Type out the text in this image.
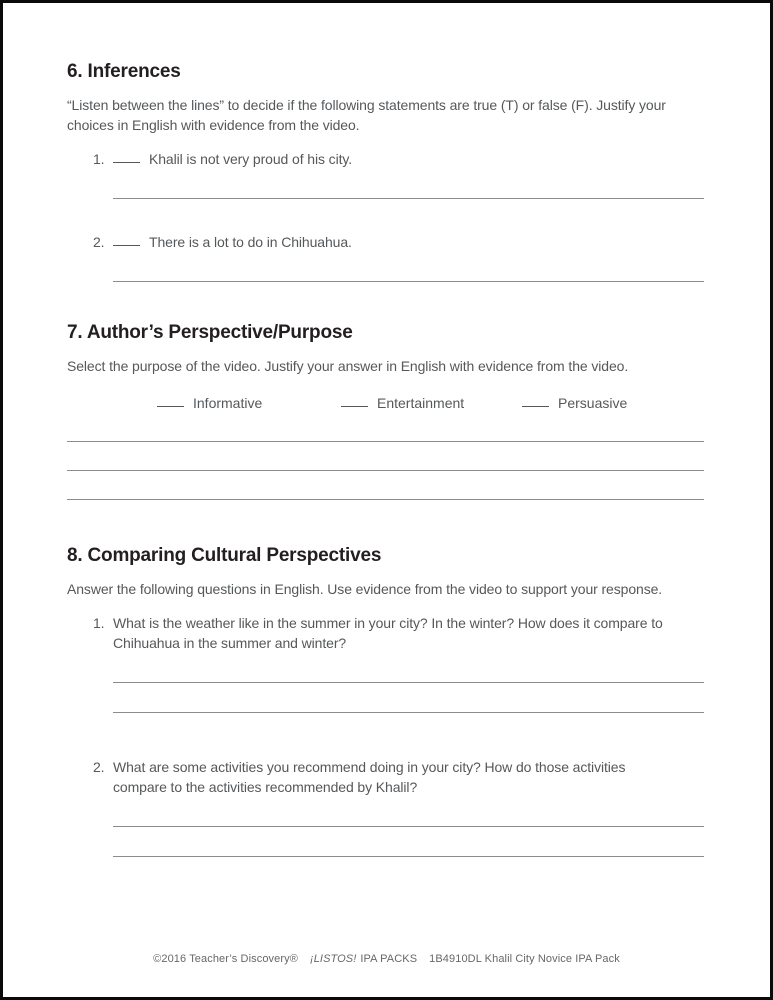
6. Inferences

“Listen between the lines” to decide if the following statements are true (T) or false (F). Justify your choices in English with evidence from the video.

1.	Khalil is not very proud of his city.
2.	There is a lot to do in Chihuahua.
7. Author’s Perspective/Purpose

Select the purpose of the video. Justify your answer in English with evidence from the video.

Informative	Entertainment	Persuasive
8. Comparing Cultural Perspectives

Answer the following questions in English. Use evidence from the video to support your response.

1. What is the weather like in the summer in your city? In the winter? How does it compare to Chihuahua in the summer and winter?
2. What are some activities you recommend doing in your city? How do those activities compare to the activities recommended by Khalil?
©2016 Teacher’s Discovery® ¡LISTOS! IPA PACKS 1B4910DL Khalil City Novice IPA Pack
